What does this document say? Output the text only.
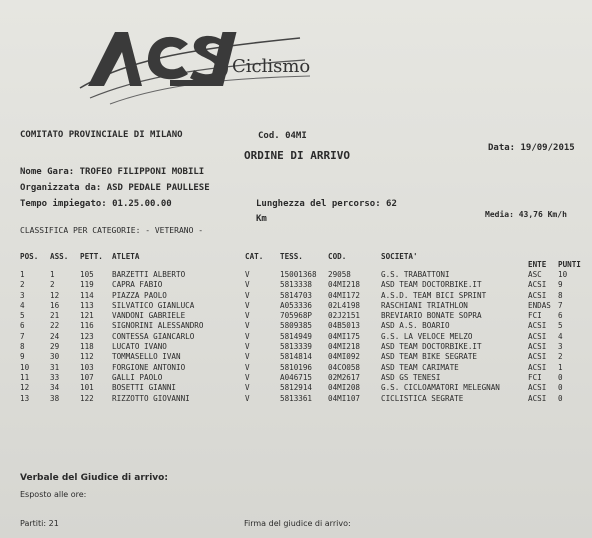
Ciclismo
COMITATO PROVINCIALE DI MILANO	Cod. 04MI
ORDINE DI ARRIVO
Data: 19/09/2015
Nome Gara: TROFEO FILIPPONI MOBILI
Organizzata da: ASD PEDALE PAULLESE
Tempo impiegato: 01.25.00.00	Lunghezza del percorso: 62
Km	Media: 43,76 Km/h
CLASSIFICA PER CATEGORIE: - VETERANO -
POS. ASS. PETT. ATLETA	CAT. TESS.	COD.	SOCIETA'
ENTE PUNTI
1	1	105 BARZETTI ALBERTO	V	15001368 29058	G.S. TRABATTONI	ASC 10
2	2	119 CAPRA FABIO	V	5813338 04MI218	ASD TEAM DOCTORBIKE.IT	ACSI 9
3	12	114 PIAZZA PAOLO	V	5814703 04MI172	A.S.D. TEAM BICI SPRINT	ACSI 8
4	16	113 SILVATICO GIANLUCA	V	A053336 02L4198	RASCHIANI TRIATHLON	ENDAS 7
5	21	121 VANDONI GABRIELE	V	705968P 02J2151	BREVIARIO BONATE SOPRA	FCI 6
6	22	116 SIGNORINI ALESSANDRO	V	5809385 04B5013	ASD A.S. BOARIO	ACSI 5
7	24	123 CONTESSA GIANCARLO	V	5814949 04MI175	G.S. LA VELOCE MELZO	ACSI 4
8	29	118 LUCATO IVANO	V	5813339 04MI218	ASD TEAM DOCTORBIKE.IT	ACSI 3
9	30	112 TOMMASELLO IVAN	V	5814814 04MI092	ASD TEAM BIKE SEGRATE	ACSI 2
10	31	103 FORGIONE ANTONIO	V	5810196 04CO058	ASD TEAM CARIMATE	ACSI 1
11	33	107 GALLI PAOLO	V	A046715 02M2617	ASD GS TENESI	FCI 0
12	34	101 BOSETTI GIANNI	V	5812914 04MI208	G.S. CICLOAMATORI MELEGNAN	ACSI 0
13	38	122 RIZZOTTO GIOVANNI	V	5813361 04MI107	CICLISTICA SEGRATE	ACSI 0
Verbale del Giudice di arrivo:
Esposto alle ore:
Partiti: 21	Firma del giudice di arrivo:
